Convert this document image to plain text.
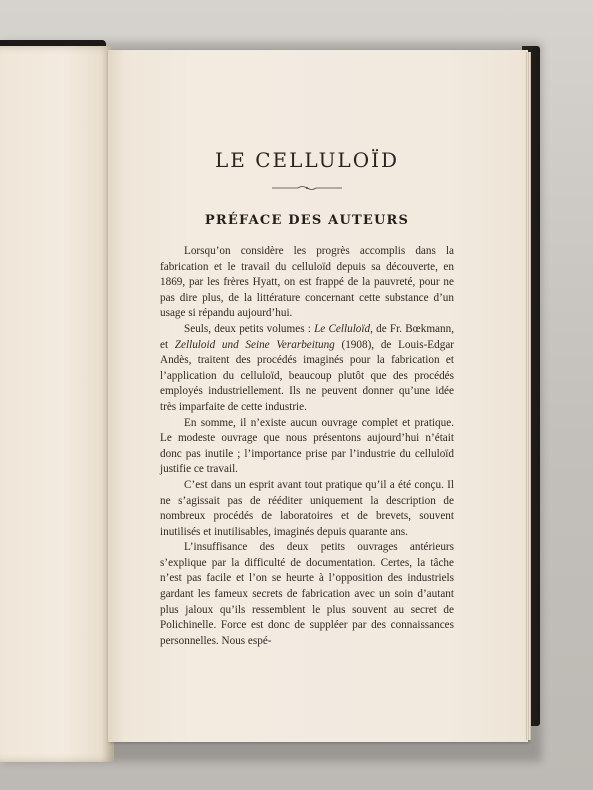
LE CELLULOÏD
PRÉFACE DES AUTEURS

Lorsqu’on considère les progrès accomplis dans la fabrication et le travail du celluloïd depuis sa découverte, en 1869, par les frères Hyatt, on est frappé de la pauvreté, pour ne pas dire plus, de la littérature concernant cette substance d’un usage si répandu aujourd’hui.

Seuls, deux petits volumes : Le Celluloïd, de Fr. Bœkmann, et Zelluloid und Seine Verarbeitung (1908), de Louis-Edgar Andès, traitent des procédés imaginés pour la fabrication et l’application du celluloïd, beaucoup plutôt que des procédés employés industriellement. Ils ne peuvent donner qu’une idée très imparfaite de cette industrie.

En somme, il n’existe aucun ouvrage complet et pratique. Le modeste ouvrage que nous présentons aujourd’hui n’était donc pas inutile ; l’importance prise par l’industrie du celluloïd justifie ce travail.

C’est dans un esprit avant tout pratique qu’il a été conçu. Il ne s’agissait pas de rééditer uniquement la description de nombreux procédés de laboratoires et de brevets, souvent inutilisés et inutilisables, imaginés depuis quarante ans.

L’insuffisance des deux petits ouvrages antérieurs s’explique par la difficulté de documentation. Certes, la tâche n’est pas facile et l’on se heurte à l’opposition des industriels gardant les fameux secrets de fabrication avec un soin d’autant plus jaloux qu’ils ressemblent le plus souvent au secret de Polichinelle. Force est donc de suppléer par des connaissances personnelles. Nous espé-
